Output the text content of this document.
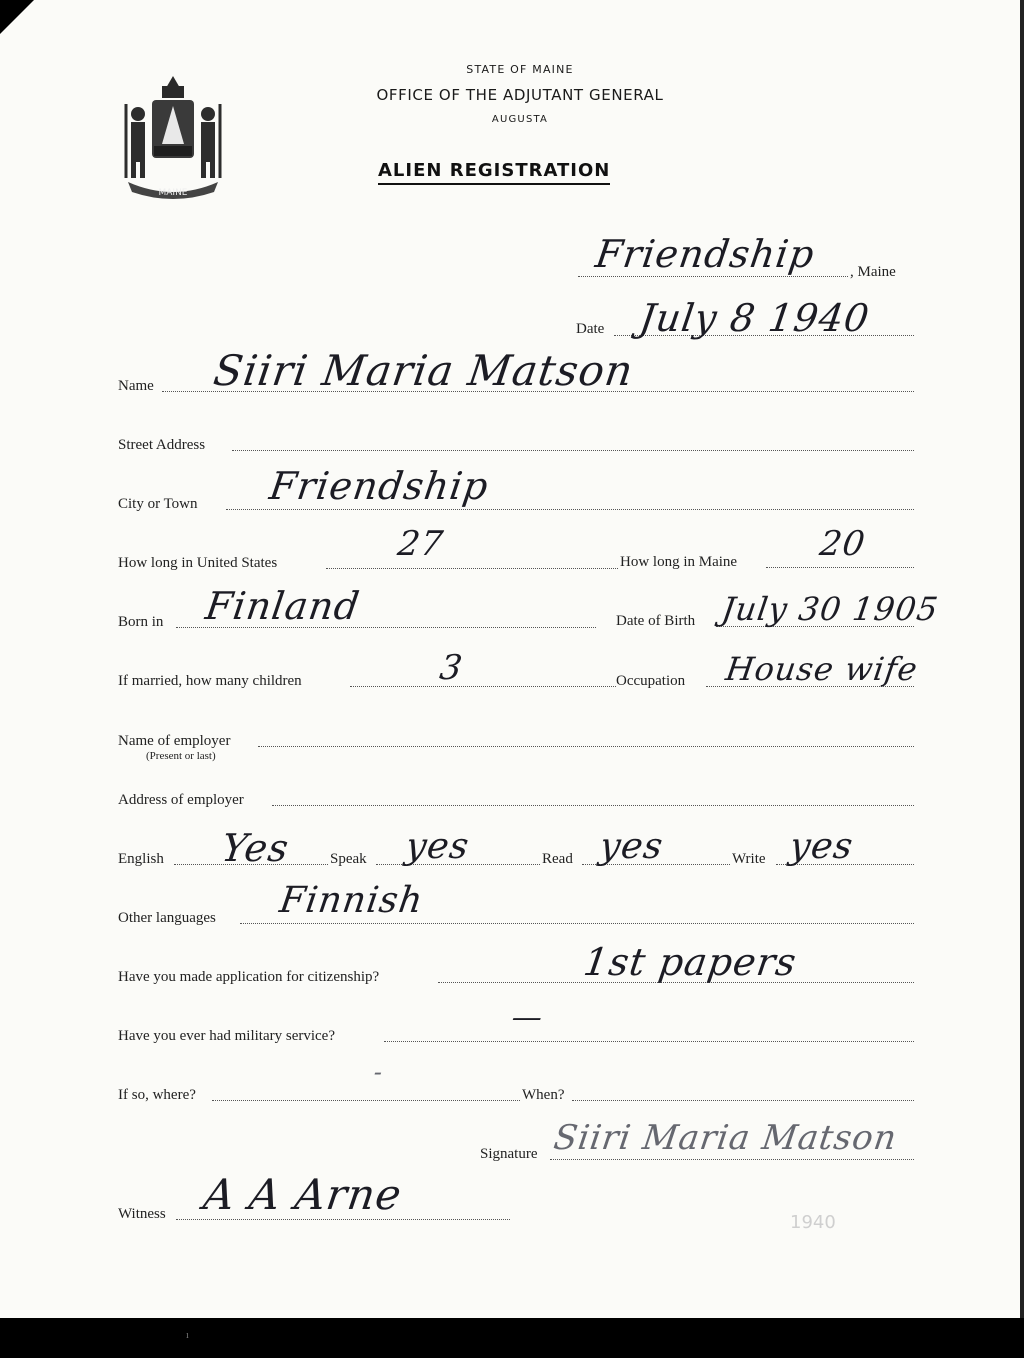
MAINE
STATE OF MAINE
OFFICE OF THE ADJUTANT GENERAL
AUGUSTA
ALIEN REGISTRATION
Friendship , Maine
Date July 8 1940
Name Siiri Maria Matson
Street Address
City or Town Friendship
How long in United States	27	How long in Maine 20
Born in Finland	Date of Birth July 30 1905
If married, how many children	3	Occupation House wife
Name of employer
(Present or last)
Address of employer
English Yes	Speak yes	Read yes	Write yes
Other languages Finnish
Have you made application for citizenship?	1st papers
Have you ever had military service?
—
If so, where?
-
When?
Signature Siiri Maria Matson
Witness A A Arne
1940
ı
